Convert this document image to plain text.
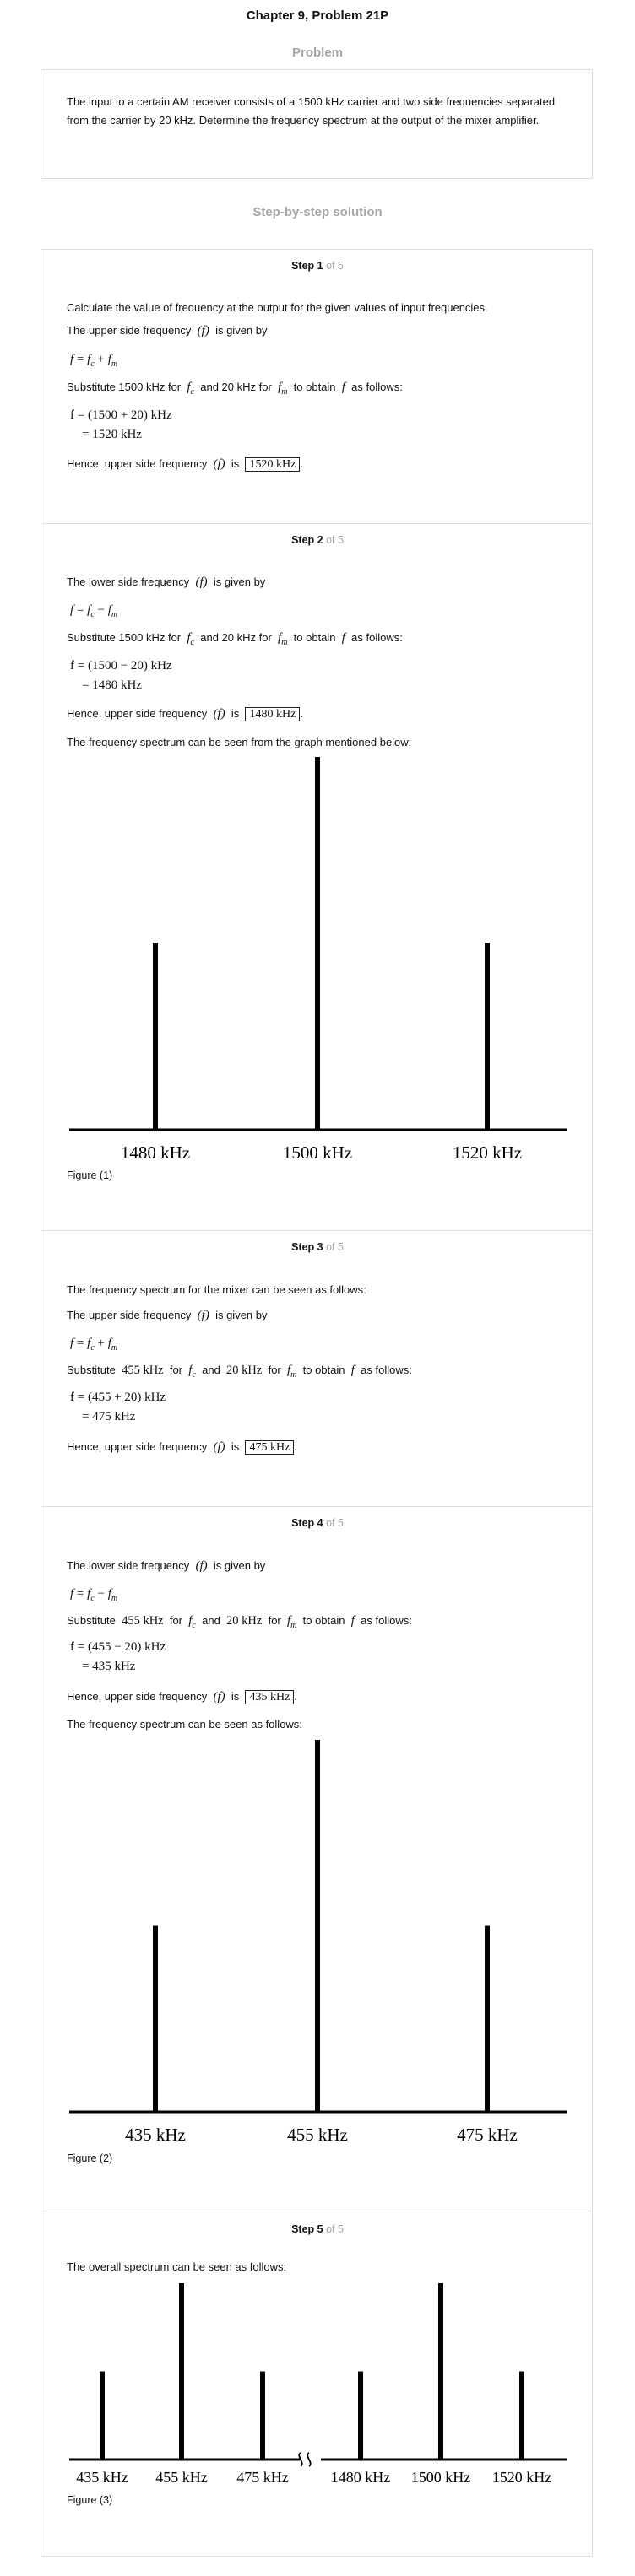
Chapter 9, Problem 21P
Problem
The input to a certain AM receiver consists of a 1500 kHz carrier and two side frequencies separated from the carrier by 20 kHz. Determine the frequency spectrum at the output of the mixer amplifier.
Step-by-step solution
Step 1 of 5
Calculate the value of frequency at the output for the given values of input frequencies.
The upper side frequency (f) is given by
$f = f_c + f_m$
Substitute 1500 kHz for $f_c$ and 20 kHz for $f_m$ to obtain f as follows:
f = (1500 + 20) kHz
= 1520 kHz
Hence, upper side frequency (f) is 1520 kHz .
Step 2 of 5
The lower side frequency (f) is given by
$f = f_c - f_m$
Substitute 1500 kHz for $f_c$ and 20 kHz for $f_m$ to obtain f as follows:
f = (1500 − 20) kHz
= 1480 kHz
Hence, upper side frequency (f) is 1480 kHz .
The frequency spectrum can be seen from the graph mentioned below:
1480 kHz	1500 kHz	1520 kHz
Figure (1)
Step 3 of 5
The frequency spectrum for the mixer can be seen as follows:
The upper side frequency (f) is given by
$f = f_c + f_m$
Substitute 455 kHz for $f_c$ and 20 kHz for $f_m$ to obtain f as follows:
f = (455 + 20) kHz
= 475 kHz
Hence, upper side frequency (f) is 475 kHz .
Step 4 of 5
The lower side frequency (f) is given by
$f = f_c - f_m$
Substitute 455 kHz for $f_c$ and 20 kHz for $f_m$ to obtain f as follows:
f = (455 − 20) kHz
= 435 kHz
Hence, upper side frequency (f) is 435 kHz .
The frequency spectrum can be seen as follows:
435 kHz	455 kHz	475 kHz
Figure (2)
Step 5 of 5
The overall spectrum can be seen as follows:
435 kHz 455 kHz 475 kHz	1480 kHz 1500 kHz 1520 kHz
Figure (3)
